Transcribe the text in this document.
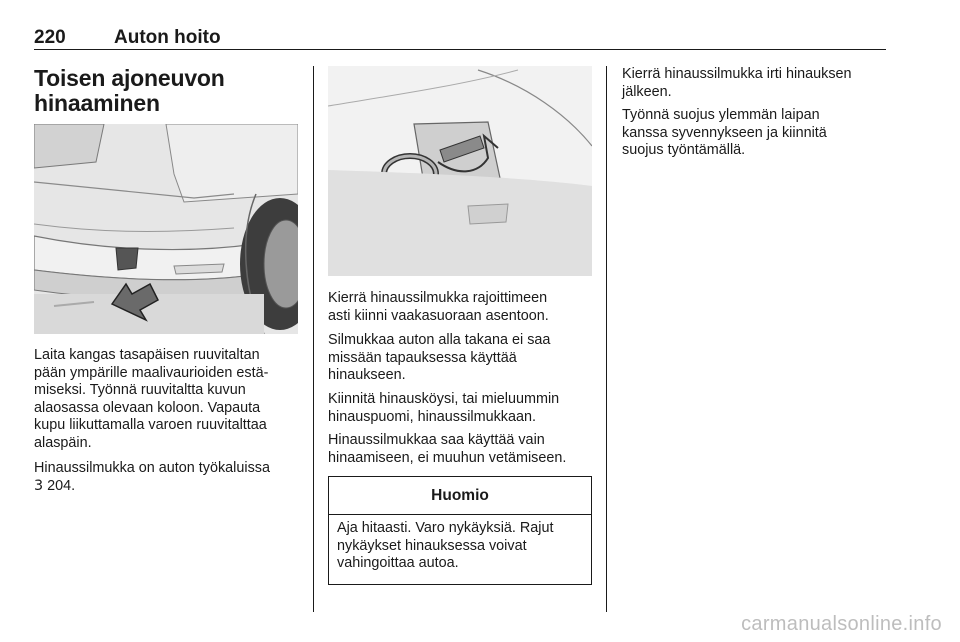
220	Auton hoito
Toisen ajoneuvon
hinaaminen
Laita kangas tasapäisen ruuvitaltan
pään ympärille maalivaurioiden estä-
miseksi. Työnnä ruuvitaltta kuvun
alaosassa olevaan koloon. Vapauta
kupu liikuttamalla varoen ruuvitalttaa
alaspäin.
Hinaussilmukka on auton työkaluissa
3 204.
Kierrä hinaussilmukka rajoittimeen
asti kiinni vaakasuoraan asentoon.
Silmukkaa auton alla takana ei saa
missään tapauksessa käyttää
hinaukseen.
Kiinnitä hinausköysi, tai mieluummin
hinauspuomi, hinaussilmukkaan.
Hinaussilmukkaa saa käyttää vain
hinaamiseen, ei muuhun vetämiseen.
Huomio
Aja hitaasti. Varo nykäyksiä. Rajut
nykäykset hinauksessa voivat
vahingoittaa autoa.
Kierrä hinaussilmukka irti hinauksen
jälkeen.
Työnnä suojus ylemmän laipan
kanssa syvennykseen ja kiinnitä
suojus työntämällä.
carmanualsonline.info
